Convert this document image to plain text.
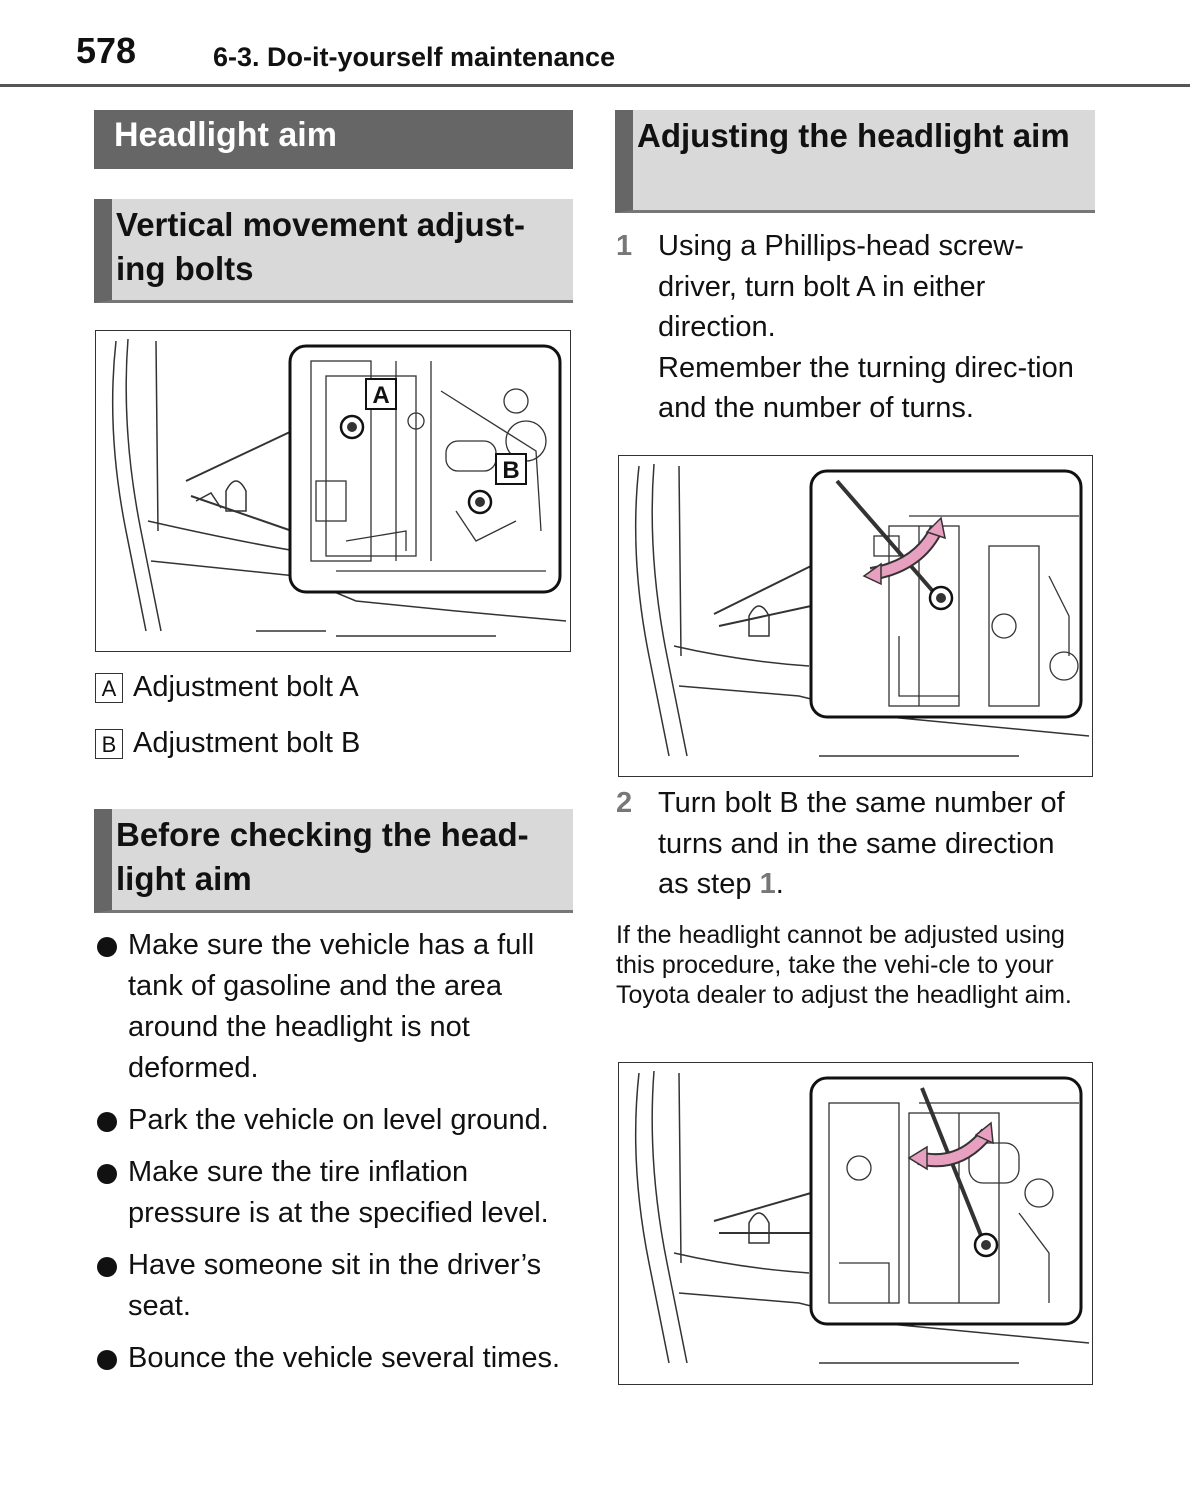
578	6-3. Do-it-yourself maintenance
Headlight aim
Vertical movement adjust-ing bolts
A
B
A Adjustment bolt A
B Adjustment bolt B
Before checking the head-light aim
Make sure the vehicle has a full tank of gasoline and the area around the headlight is not deformed.
Park the vehicle on level ground.
Make sure the tire inflation pressure is at the specified level.
Have someone sit in the driver’s seat.
Bounce the vehicle several times.
Adjusting the headlight aim
1 Using a Phillips-head screw-driver, turn bolt A in either direction.
Remember the turning direc-tion and the number of turns.
2 Turn bolt B the same number of turns and in the same direction as step 1.
If the headlight cannot be adjusted using this procedure, take the vehi-cle to your Toyota dealer to adjust the headlight aim.
